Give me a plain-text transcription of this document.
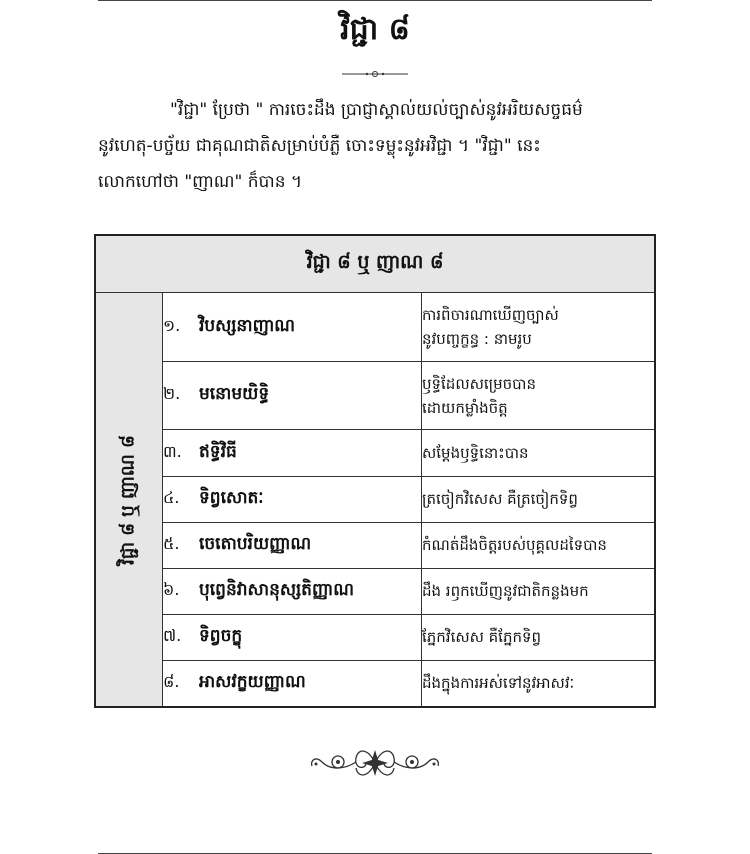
វិជ្ជា ៨

"វិជ្ជា" ប្រែថា " ការចេះដឹង ប្រាជ្ញាស្គាល់យល់ច្បាស់នូវអរិយសច្ចធម៌

នូវហេតុ-បច្ច័យ ជាគុណជាតិសម្រាប់បំភ្លឺ ចោះទម្លុះនូវអវិជ្ជា ។ "វិជ្ជា" នេះ

លោកហៅថា "ញាណ" ក៏បាន ។

វិជ្ជា ៨ ឬ ញាណ ៨		

វិជ្ជា ៨ ឬ ញាណ ៨	១. វិបស្សនាញាណ	ការពិចារណាឃើញច្បាស់
នូវបញ្ចក្ខន្ធ : នាមរូប

	២. មនោមយិទ្ធិ	ឫទ្ធិដែលសម្រេចបាន
ដោយកម្លាំងចិត្ត

	៣. ឥទ្ធិវិធី	សម្ដែងឫទ្ធិនោះបាន

	៤. ទិព្វសោតៈ	ត្រចៀកវិសេស គឺត្រចៀកទិព្វ

	៥. ចេតោបរិយញ្ញាណ	កំណត់ដឹងចិត្តរបស់បុគ្គលដទៃបាន

	៦. បុព្វេនិវាសានុស្សតិញ្ញាណ	ដឹង រឭកឃើញនូវជាតិកន្លងមក

	៧. ទិព្វចក្ខុ	ភ្នែកវិសេស គឺភ្នែកទិព្វ

	៨. អាសវក្ខយញ្ញាណ	ដឹងក្នុងការអស់ទៅនូវអាសវៈ
